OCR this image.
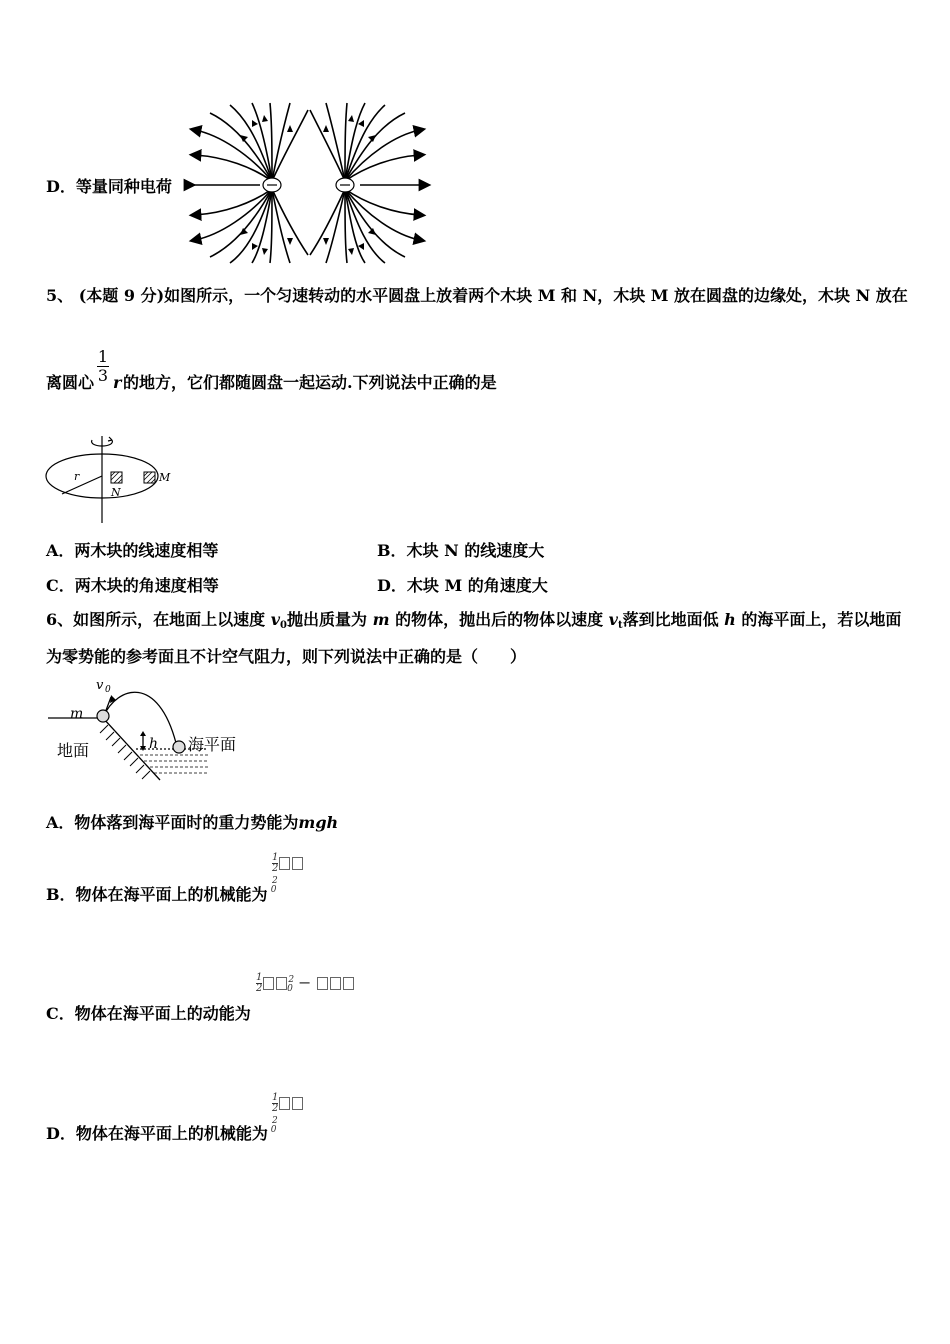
D．等量同种电荷
5、 (本题 9 分)如图所示，一个匀速转动的水平圆盘上放着两个木块 M 和 N，木块 M 放在圆盘的边缘处，木块 N 放在
离圆心
1
3 r 的地方，它们都随圆盘一起运动.下列说法中正确的是
r
N
M
A．两木块的线速度相等	B．木块 N 的线速度大
C．两木块的角速度相等	D．木块 M 的角速度大
6、如图所示，在地面上以速度 $v_0$抛出质量为 m 的物体，抛出后的物体以速度 $v_t$落到比地面低 h 的海平面上，若以地面
为零势能的参考面且不计空气阻力，则下列说法中正确的是（　　）
v 0
m
地面	h 海平面
A．物体落到海平面时的重力势能为mgh
$\frac{1}{2}$
$^2$0
B．物体在海平面上的机械能为
$\frac{1}{2}$	$^2$0 −
C．物体在海平面上的动能为
$\frac{1}{2}$
$^2$0
D．物体在海平面上的机械能为
